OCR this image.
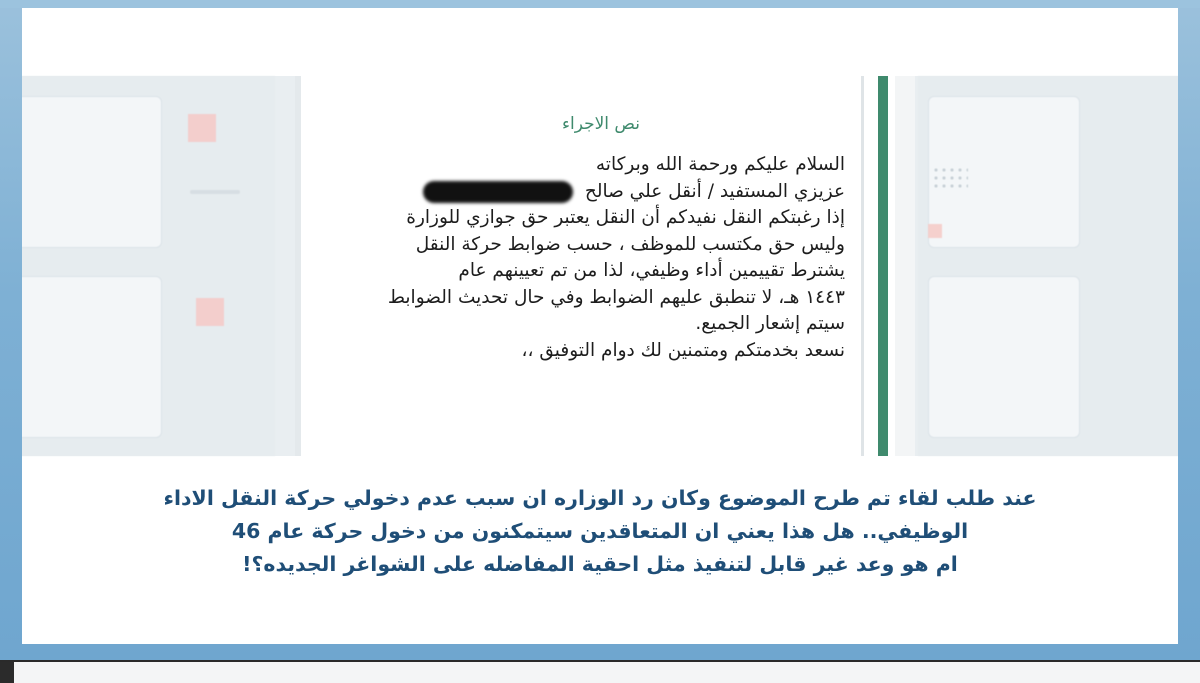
نص الاجراء
السلام عليكم ورحمة الله وبركاته
عزيزي المستفيد / أنقل علي صالح
إذا رغبتكم النقل نفيدكم أن النقل يعتبر حق جوازي للوزارة
وليس حق مكتسب للموظف ، حسب ضوابط حركة النقل
يشترط تقييمين أداء وظيفي، لذا من تم تعيينهم عام
١٤٤٣ هـ، لا تنطبق عليهم الضوابط وفي حال تحديث الضوابط
سيتم إشعار الجميع.
نسعد بخدمتكم ومتمنين لك دوام التوفيق ،،
عند طلب لقاء تم طرح الموضوع وكان رد الوزاره ان سبب عدم دخولي حركة النقل الاداء
الوظيفي.. هل هذا يعني ان المتعاقدين سيتمكنون من دخول حركة عام 46
ام هو وعد غير قابل لتنفيذ مثل احقية المفاضله على الشواغر الجديده؟!
